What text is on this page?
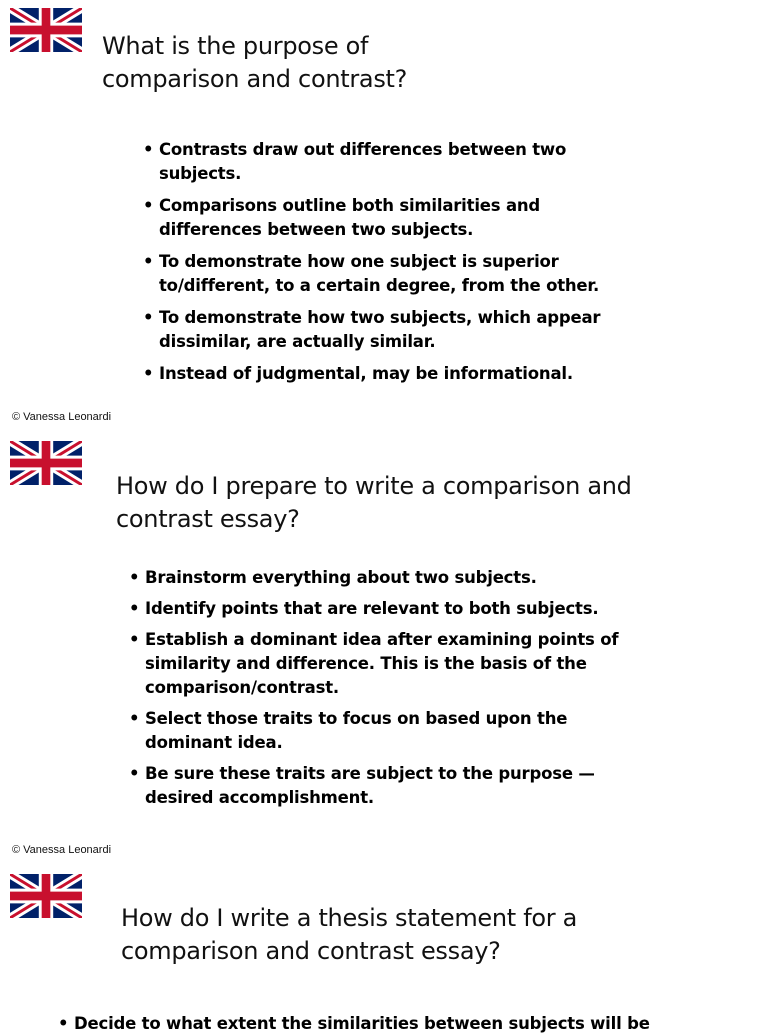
What is the purpose of comparison and contrast?
• Contrasts draw out differences between two subjects.
• Comparisons outline both similarities and differences between two subjects.
• To demonstrate how one subject is superior to/different, to a certain degree, from the other.
• To demonstrate how two subjects, which appear dissimilar, are actually similar.
• Instead of judgmental, may be informational.

© Vanessa Leonardi

How do I prepare to write a comparison and contrast essay?
• Brainstorm everything about two subjects.
• Identify points that are relevant to both subjects.
• Establish a dominant idea after examining points of similarity and difference. This is the basis of the comparison/contrast.
• Select those traits to focus on based upon the dominant idea.
• Be sure these traits are subject to the purpose — desired accomplishment.

© Vanessa Leonardi

How do I write a thesis statement for a comparison and contrast essay?
• Decide to what extent the similarities between subjects will be
